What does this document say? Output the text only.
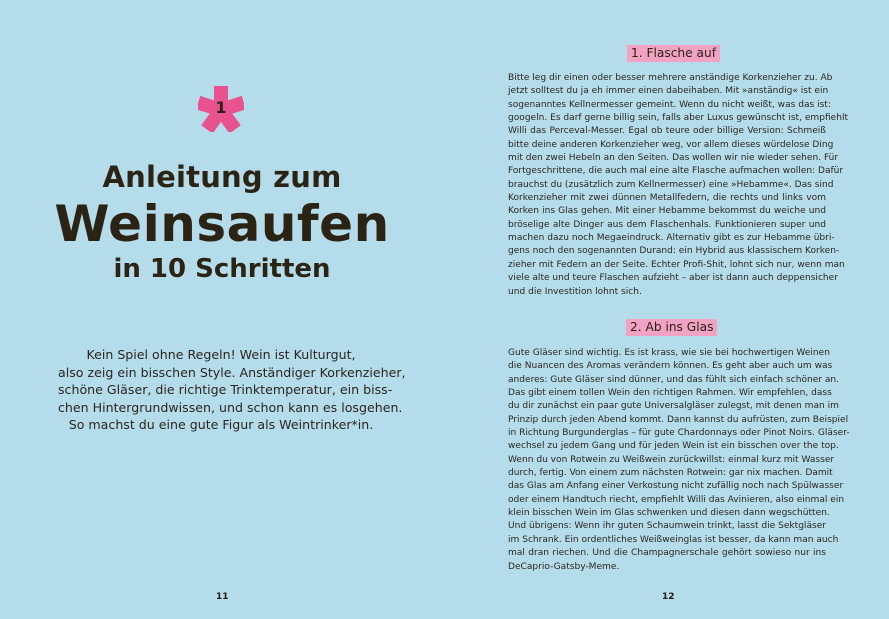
1
Anleitung zum
Weinsaufen
in 10 Schritten
Kein Spiel ohne Regeln! Wein ist Kulturgut,
also zeig ein bisschen Style. Anständiger Korkenzieher,
schöne Gläser, die richtige Trinktemperatur, ein biss-
chen Hintergrundwissen, und schon kann es losgehen.
So machst du eine gute Figur als Weintrinker*in.
11
1. Flasche auf
Bitte leg dir einen oder besser mehrere anständige Korkenzieher zu. Ab
jetzt solltest du ja eh immer einen dabeihaben. Mit »anständig« ist ein
sogenanntes Kellnermesser gemeint. Wenn du nicht weißt, was das ist:
googeln. Es darf gerne billig sein, falls aber Luxus gewünscht ist, empfiehlt
Willi das Perceval-Messer. Egal ob teure oder billige Version: Schmeiß
bitte deine anderen Korkenzieher weg, vor allem dieses würdelose Ding
mit den zwei Hebeln an den Seiten. Das wollen wir nie wieder sehen. Für
Fortgeschrittene, die auch mal eine alte Flasche aufmachen wollen: Dafür
brauchst du (zusätzlich zum Kellnermesser) eine »Hebamme«. Das sind
Korkenzieher mit zwei dünnen Metallfedern, die rechts und links vom
Korken ins Glas gehen. Mit einer Hebamme bekommst du weiche und
bröselige alte Dinger aus dem Flaschenhals. Funktionieren super und
machen dazu noch Megaeindruck. Alternativ gibt es zur Hebamme übri-
gens noch den sogenannten Durand: ein Hybrid aus klassischem Korken-
zieher mit Federn an der Seite. Echter Profi-Shit, lohnt sich nur, wenn man
viele alte und teure Flaschen aufzieht – aber ist dann auch deppensicher
und die Investition lohnt sich.
2. Ab ins Glas
Gute Gläser sind wichtig. Es ist krass, wie sie bei hochwertigen Weinen
die Nuancen des Aromas verändern können. Es geht aber auch um was
anderes: Gute Gläser sind dünner, und das fühlt sich einfach schöner an.
Das gibt einem tollen Wein den richtigen Rahmen. Wir empfehlen, dass
du dir zunächst ein paar gute Universalgläser zulegst, mit denen man im
Prinzip durch jeden Abend kommt. Dann kannst du aufrüsten, zum Beispiel
in Richtung Burgunderglas – für gute Chardonnays oder Pinot Noirs. Gläser-
wechsel zu jedem Gang und für jeden Wein ist ein bisschen over the top.
Wenn du von Rotwein zu Weißwein zurückwillst: einmal kurz mit Wasser
durch, fertig. Von einem zum nächsten Rotwein: gar nix machen. Damit
das Glas am Anfang einer Verkostung nicht zufällig noch nach Spülwasser
oder einem Handtuch riecht, empfiehlt Willi das Avinieren, also einmal ein
klein bisschen Wein im Glas schwenken und diesen dann wegschütten.
Und übrigens: Wenn ihr guten Schaumwein trinkt, lasst die Sektgläser
im Schrank. Ein ordentliches Weißweinglas ist besser, da kann man auch
mal dran riechen. Und die Champagnerschale gehört sowieso nur ins
DeCaprio-Gatsby-Meme.
12
